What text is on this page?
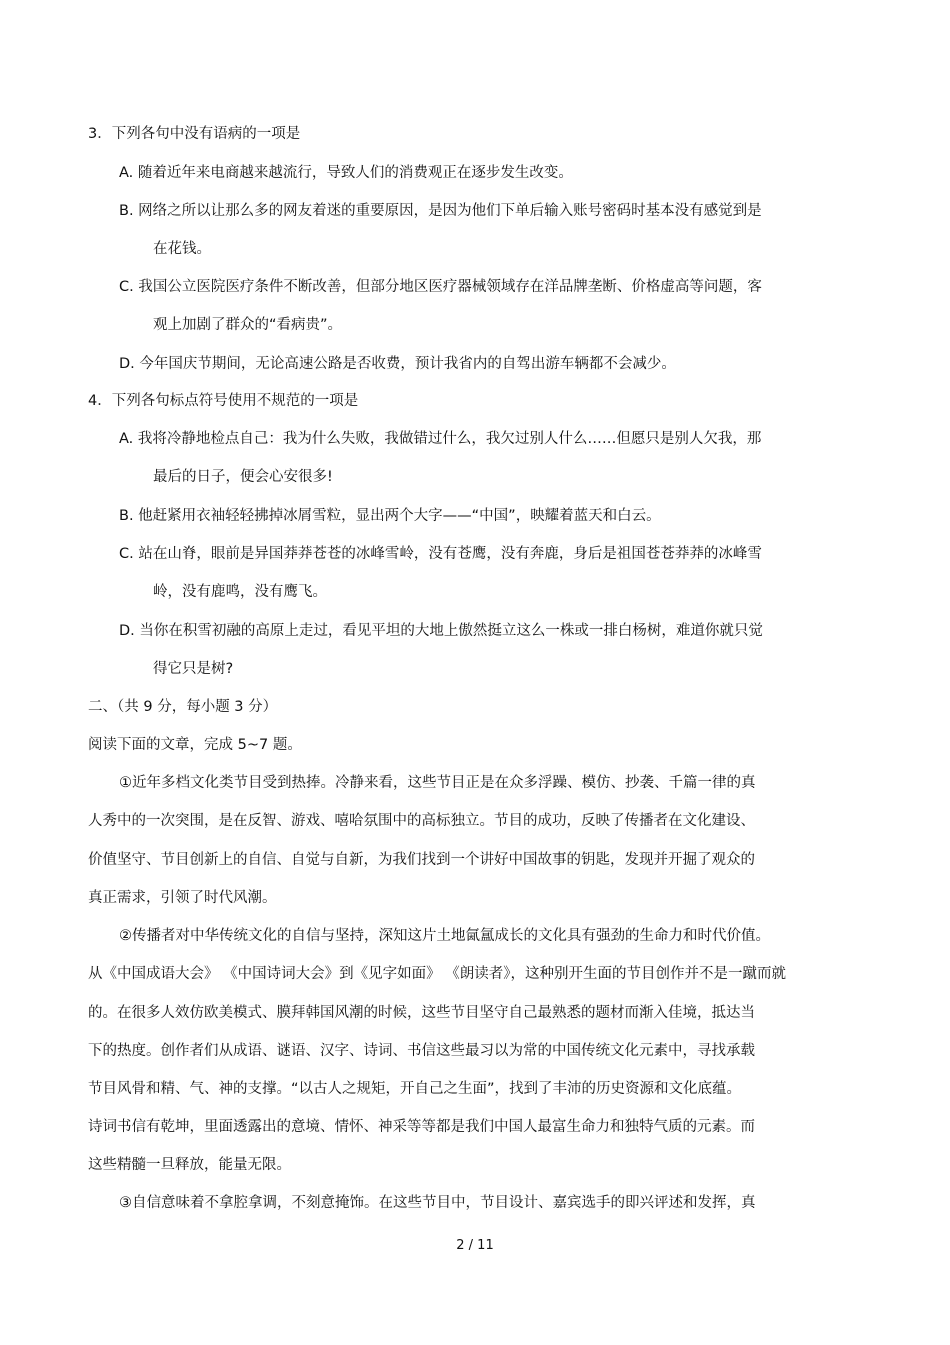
3．下列各句中没有语病的一项是
A. 随着近年来电商越来越流行，导致人们的消费观正在逐步发生改变。
B. 网络之所以让那么多的网友着迷的重要原因，是因为他们下单后输入账号密码时基本没有感觉到是
在花钱。
C. 我国公立医院医疗条件不断改善，但部分地区医疗器械领域存在洋品牌垄断、价格虚高等问题，客
观上加剧了群众的“看病贵”。
D. 今年国庆节期间，无论高速公路是否收费，预计我省内的自驾出游车辆都不会减少。
4．下列各句标点符号使用不规范的一项是
A. 我将冷静地检点自己：我为什么失败，我做错过什么，我欠过别人什么……但愿只是别人欠我，那
最后的日子，便会心安很多!
B. 他赶紧用衣袖轻轻拂掉冰屑雪粒，显出两个大字——“中国”，映耀着蓝天和白云。
C. 站在山脊，眼前是异国莽莽苍苍的冰峰雪岭，没有苍鹰，没有奔鹿，身后是祖国苍苍莽莽的冰峰雪
岭，没有鹿鸣，没有鹰飞。
D. 当你在积雪初融的高原上走过，看见平坦的大地上傲然挺立这么一株或一排白杨树，难道你就只觉
得它只是树?
二、（共 9 分，每小题 3 分）
阅读下面的文章，完成 5~7 题。
①近年多档文化类节目受到热捧。冷静来看，这些节目正是在众多浮躁、模仿、抄袭、千篇一律的真
人秀中的一次突围，是在反智、游戏、嘻哈氛围中的高标独立。节目的成功，反映了传播者在文化建设、
价值坚守、节目创新上的自信、自觉与自新，为我们找到一个讲好中国故事的钥匙，发现并开掘了观众的
真正需求，引领了时代风潮。
②传播者对中华传统文化的自信与坚持，深知这片土地氤氲成长的文化具有强劲的生命力和时代价值。
从《中国成语大会》 《中国诗词大会》到《见字如面》 《朗读者》，这种别开生面的节目创作并不是一蹴而就
的。在很多人效仿欧美模式、膜拜韩国风潮的时候，这些节目坚守自己最熟悉的题材而渐入佳境，抵达当
下的热度。创作者们从成语、谜语、汉字、诗词、书信这些最习以为常的中国传统文化元素中，寻找承载
节目风骨和精、气、神的支撑。“以古人之规矩，开自己之生面”，找到了丰沛的历史资源和文化底蕴。
诗词书信有乾坤，里面透露出的意境、情怀、神采等等都是我们中国人最富生命力和独特气质的元素。而
这些精髓一旦释放，能量无限。
③自信意味着不拿腔拿调，不刻意掩饰。在这些节目中，节目设计、嘉宾选手的即兴评述和发挥，真
2 / 11
